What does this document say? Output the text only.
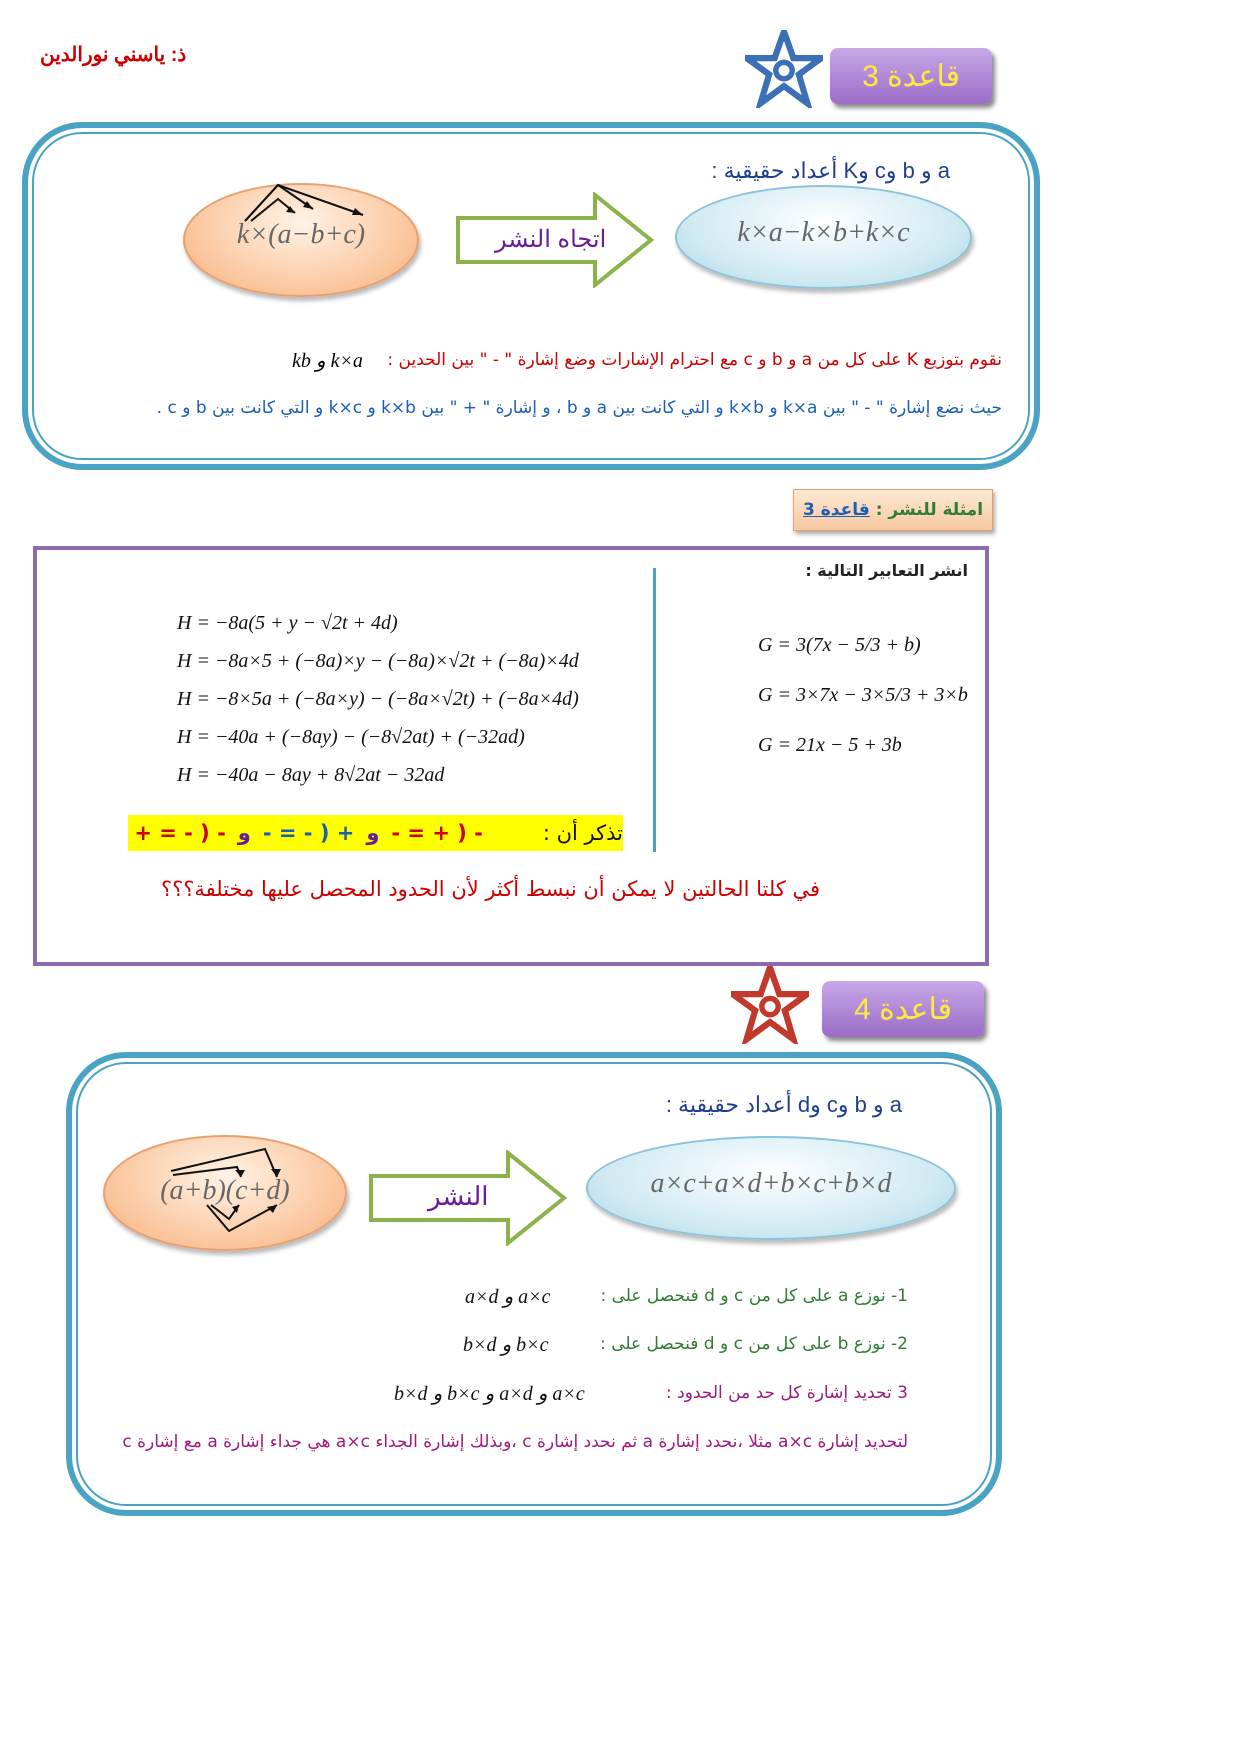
ذ: ياسني نورالدين
قاعدة 3
a و b وc وK أعداد حقيقية :
k×(a−b+c)	اتجاه النشر	k×a−k×b+k×c
نقوم بتوزيع K على كل من a و b و c مع احترام الإشارات وضع إشارة " - " بين الحدين :
k×a و kb
حيث نضع إشارة " - " بين k×a و k×b و التي كانت بين a و b ، و إشارة " + " بين k×b و k×c و التي كانت بين b و c .
امثلة للنشر :
قاعدة 3
انشر التعابير التالية :
G = 3(7x − 5/3 + b)
G = 3×7x − 3×5/3 + 3×b
G = 21x − 5 + 3b
H = −8a(5 + y − √2t + 4d)
H = −8a×5 + (−8a)×y − (−8a)×√2t + (−8a)×4d
H = −8×5a + (−8a×y) − (−8a×√2t) + (−8a×4d)
H = −40a + (−8ay) − (−8√2at) + (−32ad)
H = −40a − 8ay + 8√2at − 32ad
تذكر أن :
- = + ) -
و
- = - ) +
و
+ = - ) -
في كلتا الحالتين لا يمكن أن نبسط أكثر لأن الحدود المحصل عليها مختلفة؟؟؟
قاعدة 4
a و b وc وd أعداد حقيقية :
(a+b)(c+d)	النشر	a×c+a×d+b×c+b×d
1- نوزع a على كل من c و d فنحصل على :
a×c و a×d
2- نوزع b على كل من c و d فنحصل على :
b×c و b×d
3 تحديد إشارة كل حد من الحدود :
a×c و a×d و b×c و b×d
لتحديد إشارة a×c مثلا ،نحدد إشارة a ثم نحدد إشارة c ،وبذلك إشارة الجداء a×c هي جداء إشارة a مع إشارة c
